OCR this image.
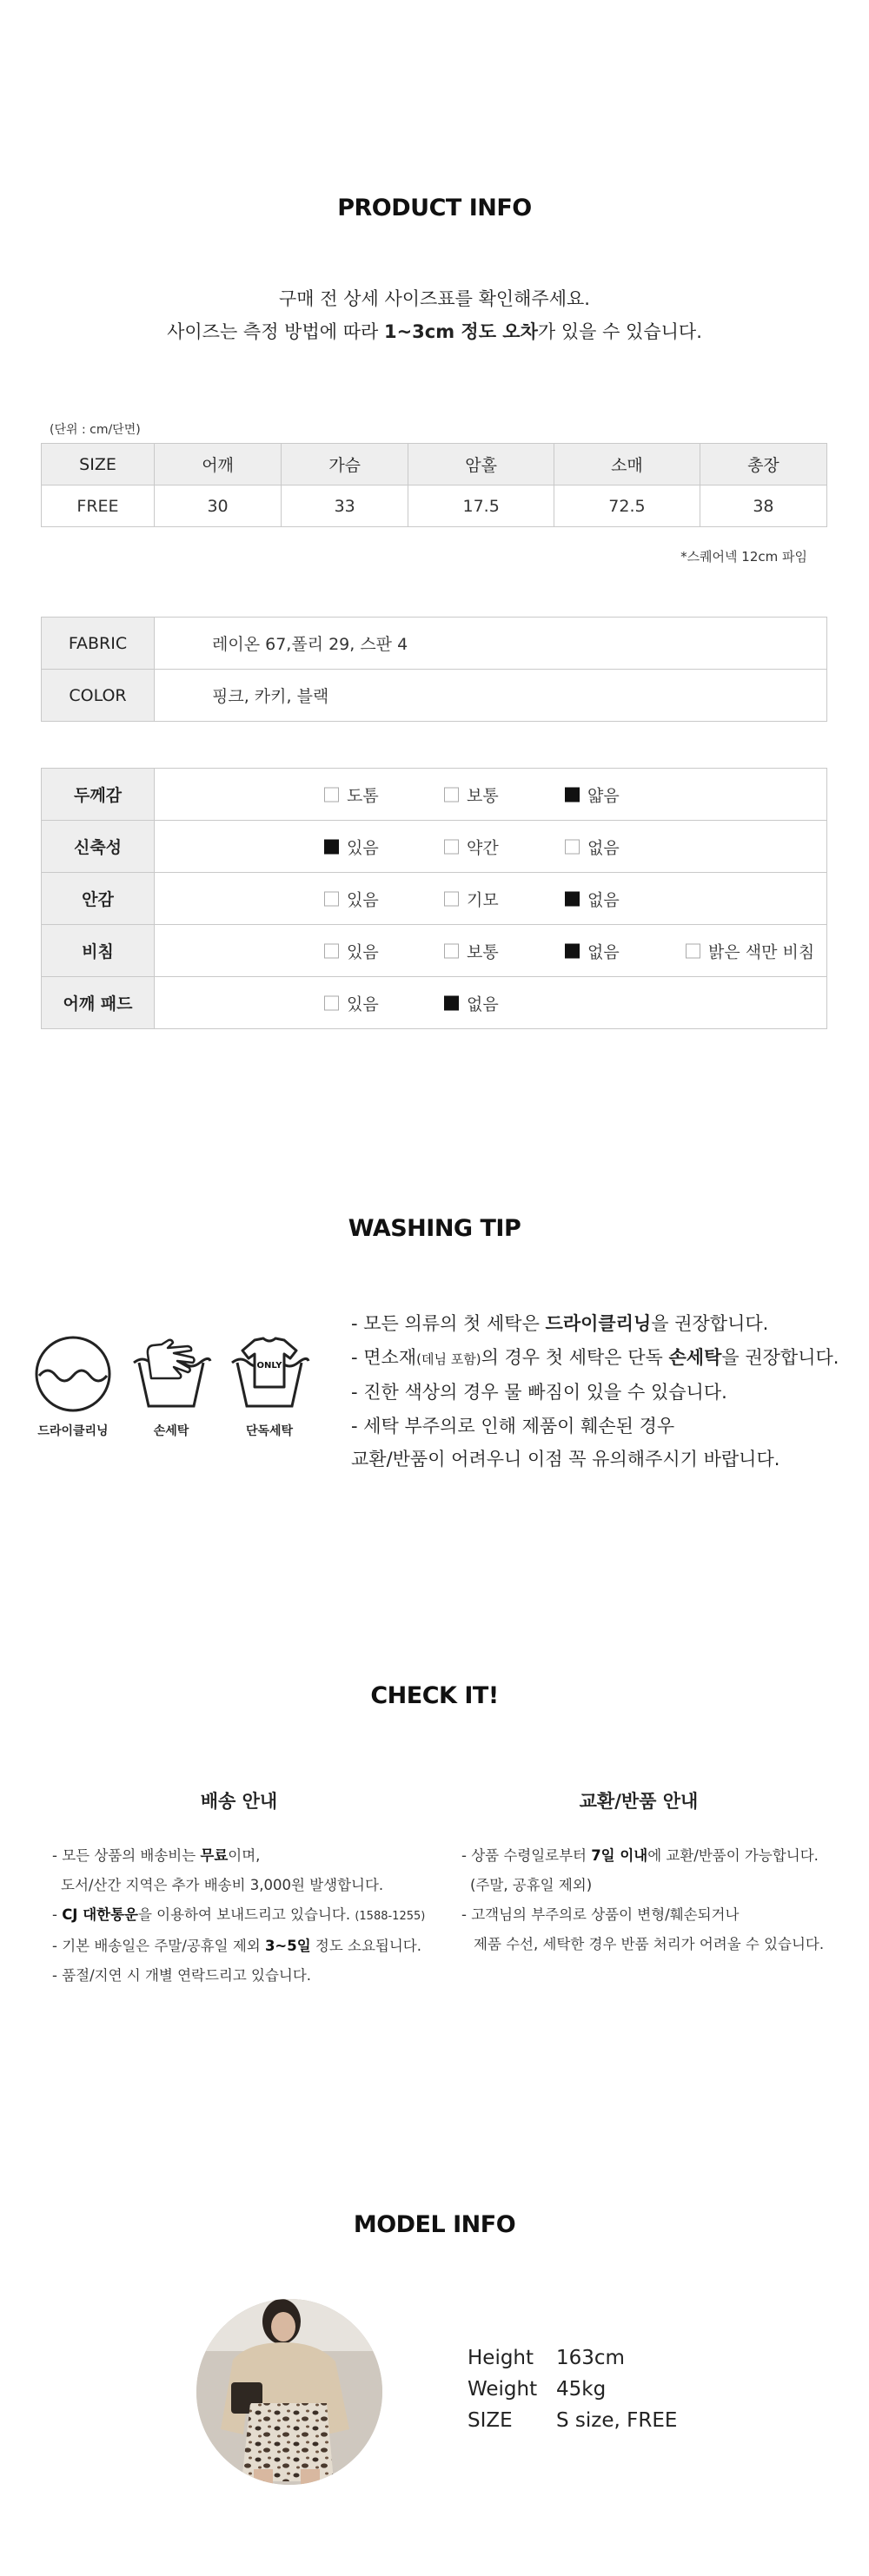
PRODUCT INFO
구매 전 상세 사이즈표를 확인해주세요.
사이즈는 측정 방법에 따라 1~3cm 정도 오차가 있을 수 있습니다.
(단위 : cm/단면)
SIZE	어깨	가슴	암홀	소매	총장
FREE	30	33	17.5	72.5	38
*스퀘어넥 12cm 파임
FABRIC	레이온 67,폴리 29, 스판 4
COLOR	핑크, 카키, 블랙
두께감	도톰 보통 얇음

신축성	있음 약간 없음

안감	있음 기모 없음

비침	있음 보통 없음 밝은 색만 비침

어깨 패드	있음 없음
WASHING TIP
드라이클리닝	손세탁
ONLY
단독세탁
- 모든 의류의 첫 세탁은 드라이클리닝을 권장합니다.
- 면소재(데님 포함)의 경우 첫 세탁은 단독 손세탁을 권장합니다.
- 진한 색상의 경우 물 빠짐이 있을 수 있습니다.
- 세탁 부주의로 인해 제품이 훼손된 경우
교환/반품이 어려우니 이점 꼭 유의해주시기 바랍니다.
CHECK IT!
배송 안내
- 모든 상품의 배송비는 무료이며,
도서/산간 지역은 추가 배송비 3,000원 발생합니다.
- CJ 대한통운을 이용하여 보내드리고 있습니다. (1588-1255)
- 기본 배송일은 주말/공휴일 제외 3~5일 정도 소요됩니다.
- 품절/지연 시 개별 연락드리고 있습니다.
교환/반품 안내
- 상품 수령일로부터 7일 이내에 교환/반품이 가능합니다.
(주말, 공휴일 제외)
- 고객님의 부주의로 상품이 변형/훼손되거나
제품 수선, 세탁한 경우 반품 처리가 어려울 수 있습니다.
MODEL INFO
Height	163cm
Weight 45kg
SIZE	S size, FREE
